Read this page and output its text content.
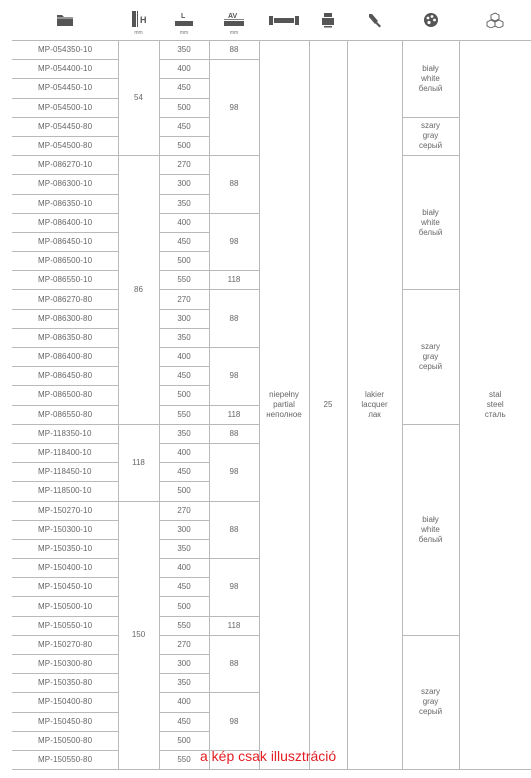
H
mm
L
mm
AV
mm
MP-054350-10	54	350	88	niepełny
partial
неполное	25	lakier
lacquer
лак	biały
white
белый	stal
steel
сталь

MP-054400-10		400	98					
MP-054450-10		450						
MP-054500-10		500						
MP-054450-80		450					szary
gray
серый	

MP-054500-80		500						
MP-086270-10	86	270	88				biały
white
белый	

MP-086300-10		300						
MP-086350-10		350						
MP-086400-10		400	98					
MP-086450-10		450						
MP-086500-10		500						
MP-086550-10		550	118					
MP-086270-80		270	88				szary
gray
серый	

MP-086300-80		300						
MP-086350-80		350						
MP-086400-80		400	98					
MP-086450-80		450						
MP-086500-80		500						
MP-086550-80		550	118					
MP-118350-10	118	350	88				biały
white
белый	

MP-118400-10		400	98					
MP-118450-10		450						
MP-118500-10		500						
MP-150270-10	150	270	88					
MP-150300-10		300						
MP-150350-10		350						
MP-150400-10		400	98					
MP-150450-10		450						
MP-150500-10		500						
MP-150550-10		550	118					
MP-150270-80		270	88				szary
gray
серый	

MP-150300-80		300						
MP-150350-80		350						
MP-150400-80		400	98					
MP-150450-80		450						
MP-150500-80		500						
MP-150550-80		550						a kép csak illusztráció
